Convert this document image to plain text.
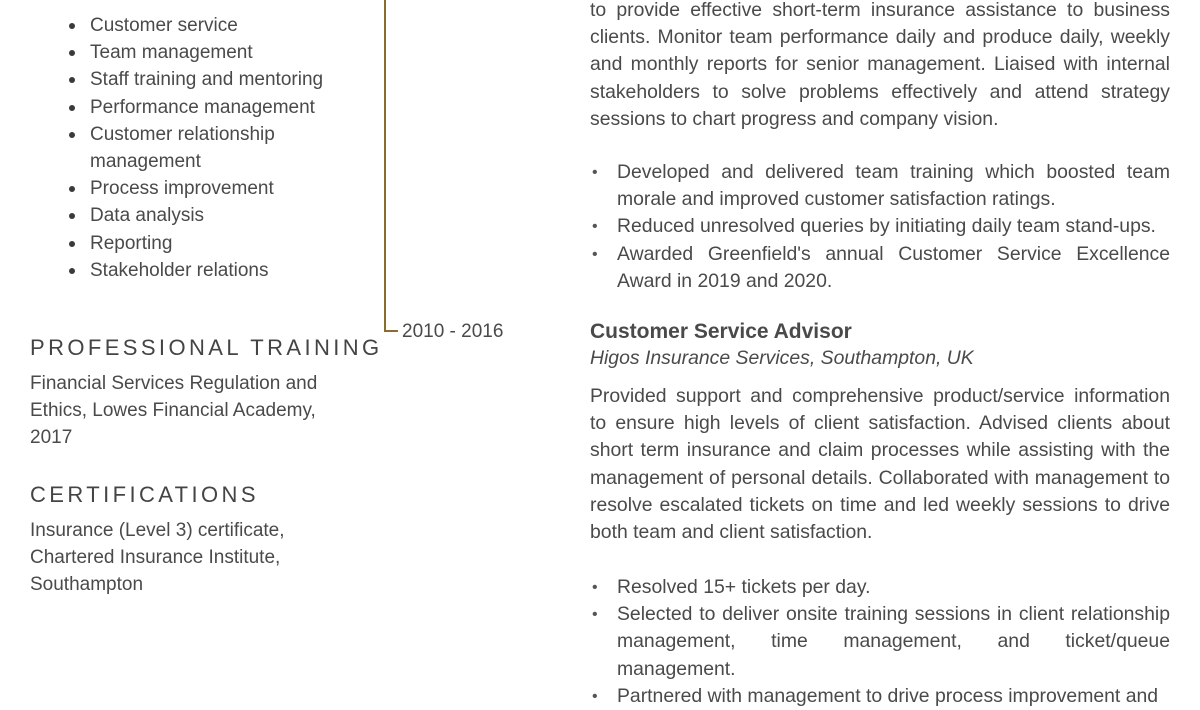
Customer service
Team management
Staff training and mentoring
Performance management
Customer relationship management
Process improvement
Data analysis
Reporting
Stakeholder relations
PROFESSIONAL TRAINING

Financial Services Regulation and Ethics, Lowes Financial Academy, 2017

CERTIFICATIONS

Insurance (Level 3) certificate, Chartered Insurance Institute, Southampton

2010 - 2016

to provide effective short-term insurance assistance to business clients. Monitor team performance daily and produce daily, weekly and monthly reports for senior management. Liaised with internal stakeholders to solve problems effectively and attend strategy sessions to chart progress and company vision.

• Developed and delivered team training which boosted team morale and improved customer satisfaction ratings.
• Reduced unresolved queries by initiating daily team stand-ups.
• Awarded Greenfield's annual Customer Service Excellence Award in 2019 and 2020.
Customer Service Advisor

Higos Insurance Services, Southampton, UK

Provided support and comprehensive product/service information to ensure high levels of client satisfaction. Advised clients about short term insurance and claim processes while assisting with the management of personal details. Collaborated with management to resolve escalated tickets on time and led weekly sessions to drive both team and client satisfaction.

• Resolved 15+ tickets per day.
• Selected to deliver onsite training sessions in client relationship management, time management, and ticket/queue management.
• Partnered with management to drive process improvement and
